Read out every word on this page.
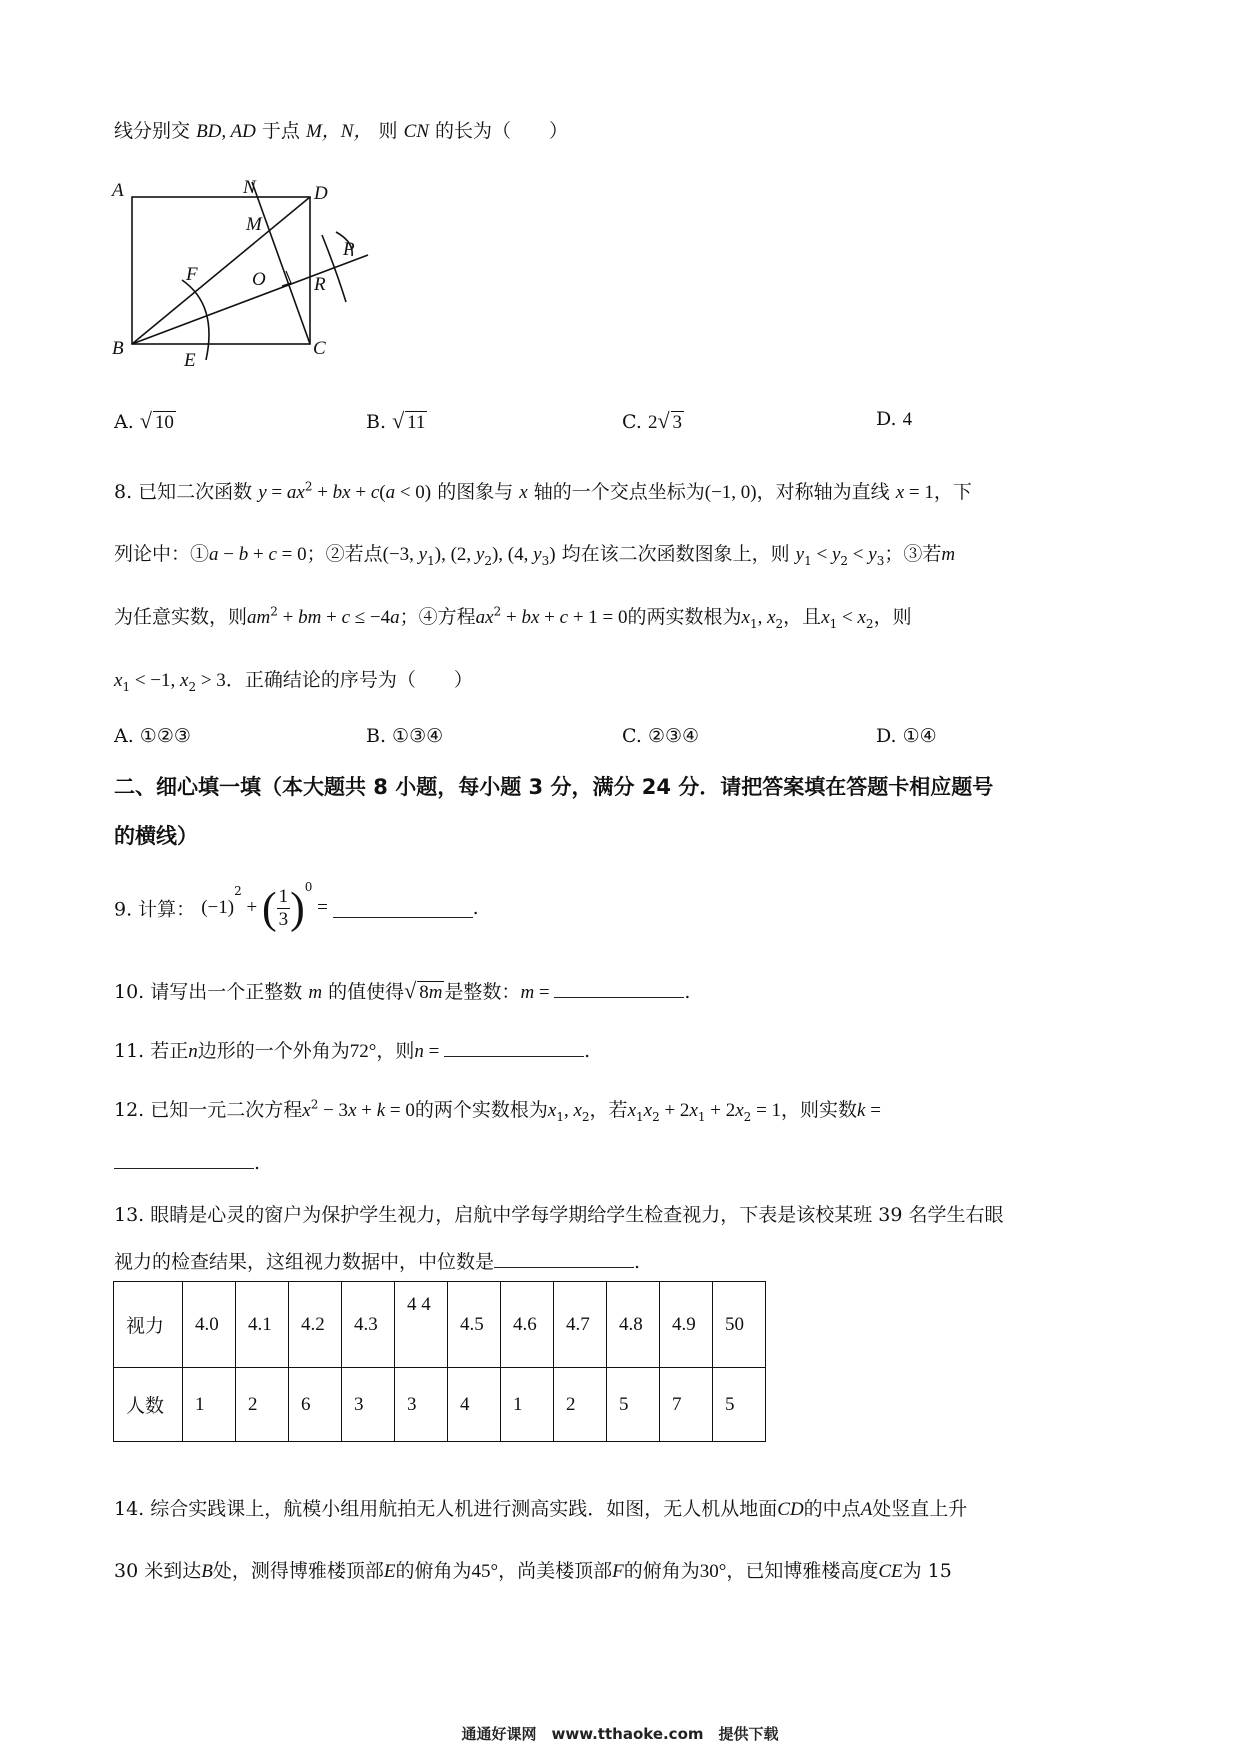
线分别交 BD, AD 于点 M，N， 则 CN 的长为（　　）
A	N	D
M
F	O	R
P
B
E
C
A. √ 10	B. √ 11	C. 2√ 3	D. 4
8. 已知二次函数 $y = ax^2$ + bx + c(a < 0) 的图象与 x 轴的一个交点坐标为(−1, 0)，对称轴为直线 x = 1，下
列论中：①a − b + c = 0；②若点(−3, $y_1$), (2, $y_2$), (4, $y_3$) 均在该二次函数图象上，则 $y_1 < y_2 < y_3$；③若m
为任意实数，则$am^2$ + bm + c ≤ −4a；④方程$ax^2$ + bx + c + 1 = 0的两实数根为$x_1$, $x_2$，且$x_1 < x_2$，则
$x_1 < -1$, $x_2 > 3$．正确结论的序号为（　　）
A. ①②③	B. ①③④	C. ②③④	D. ①④
二、细心填一填（本大题共 8 小题，每小题 3 分，满分 24 分．请把答案填在答题卡相应题号
的横线）
9. 计算： $(-1)^2$ + ( $\frac{1}{3} )^0$ =	.
10. 请写出一个正整数 m 的值使得√ 8m 是整数：m =	.
11. 若正n边形的一个外角为72°，则n =	.
12. 已知一元二次方程$x^2 - 3x + k = 0$的两个实数根为$x_1$, $x_2$，若$x_1x_2 + 2x_1 + 2x_2 = 1$，则实数k =
.
13. 眼睛是心灵的窗户为保护学生视力，启航中学每学期给学生检查视力，下表是该校某班 39 名学生右眼
视力的检查结果，这组视力数据中，中位数是	.
视力	4.0	4.1	4.2	4.3	4 4	4.5	4.6	4.7	4.8	4.9	50
人数	1	2	6	3	3	4	1	2	5	7	5
14. 综合实践课上，航模小组用航拍无人机进行测高实践．如图，无人机从地面CD的中点A处竖直上升
30 米到达B处，测得博雅楼顶部E的俯角为45°，尚美楼顶部F的俯角为30°，已知博雅楼高度CE为 15
通通好课网　www.tthaoke.com　提供下载
